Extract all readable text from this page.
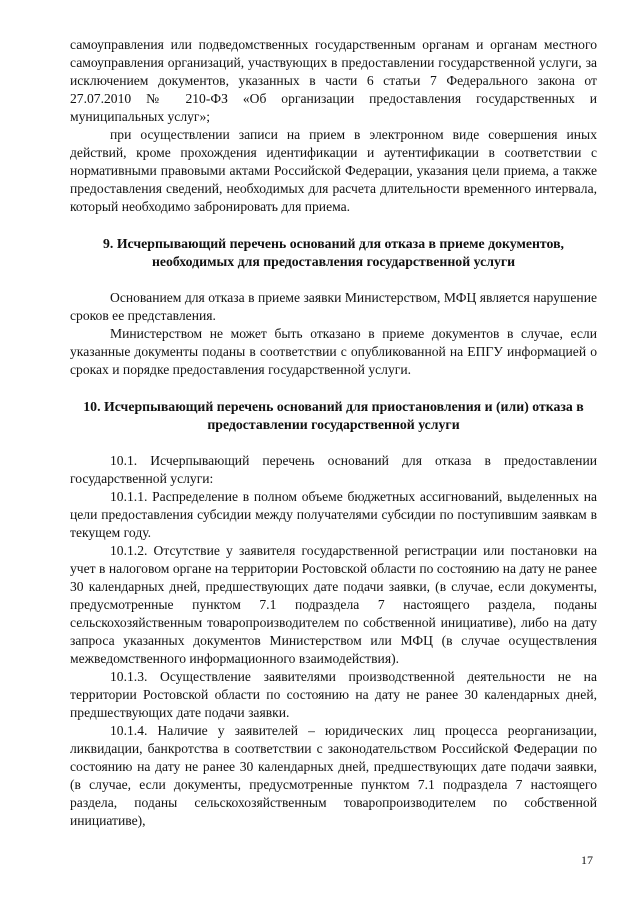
самоуправления или подведомственных государственным органам и органам местного самоуправления организаций, участвующих в предоставлении государственной услуги, за исключением документов, указанных в части 6 статьи 7 Федерального закона от 27.07.2010 № 210-ФЗ «Об организации предоставления государственных и муниципальных услуг»;

при осуществлении записи на прием в электронном виде совершения иных действий, кроме прохождения идентификации и аутентификации в соответствии с нормативными правовыми актами Российской Федерации, указания цели приема, а также предоставления сведений, необходимых для расчета длительности временного интервала, который необходимо забронировать для приема.

9. Исчерпывающий перечень оснований для отказа в приеме документов, необходимых для предоставления государственной услуги

Основанием для отказа в приеме заявки Министерством, МФЦ является нарушение сроков ее представления.

Министерством не может быть отказано в приеме документов в случае, если указанные документы поданы в соответствии с опубликованной на ЕПГУ информацией о сроках и порядке предоставления государственной услуги.

10. Исчерпывающий перечень оснований для приостановления и (или) отказа в предоставлении государственной услуги

10.1. Исчерпывающий перечень оснований для отказа в предоставлении государственной услуги:

10.1.1. Распределение в полном объеме бюджетных ассигнований, выделенных на цели предоставления субсидии между получателями субсидии по поступившим заявкам в текущем году.

10.1.2. Отсутствие у заявителя государственной регистрации или постановки на учет в налоговом органе на территории Ростовской области по состоянию на дату не ранее 30 календарных дней, предшествующих дате подачи заявки, (в случае, если документы, предусмотренные пунктом 7.1 подраздела 7 настоящего раздела, поданы сельскохозяйственным товаропроизводителем по собственной инициативе), либо на дату запроса указанных документов Министерством или МФЦ (в случае осуществления межведомственного информационного взаимодействия).

10.1.3. Осуществление заявителями производственной деятельности не на территории Ростовской области по состоянию на дату не ранее 30 календарных дней, предшествующих дате подачи заявки.

10.1.4. Наличие у заявителей – юридических лиц процесса реорганизации, ликвидации, банкротства в соответствии с законодательством Российской Федерации по состоянию на дату не ранее 30 календарных дней, предшествующих дате подачи заявки, (в случае, если документы, предусмотренные пунктом 7.1 подраздела 7 настоящего раздела, поданы сельскохозяйственным товаропроизводителем по собственной инициативе),

17
